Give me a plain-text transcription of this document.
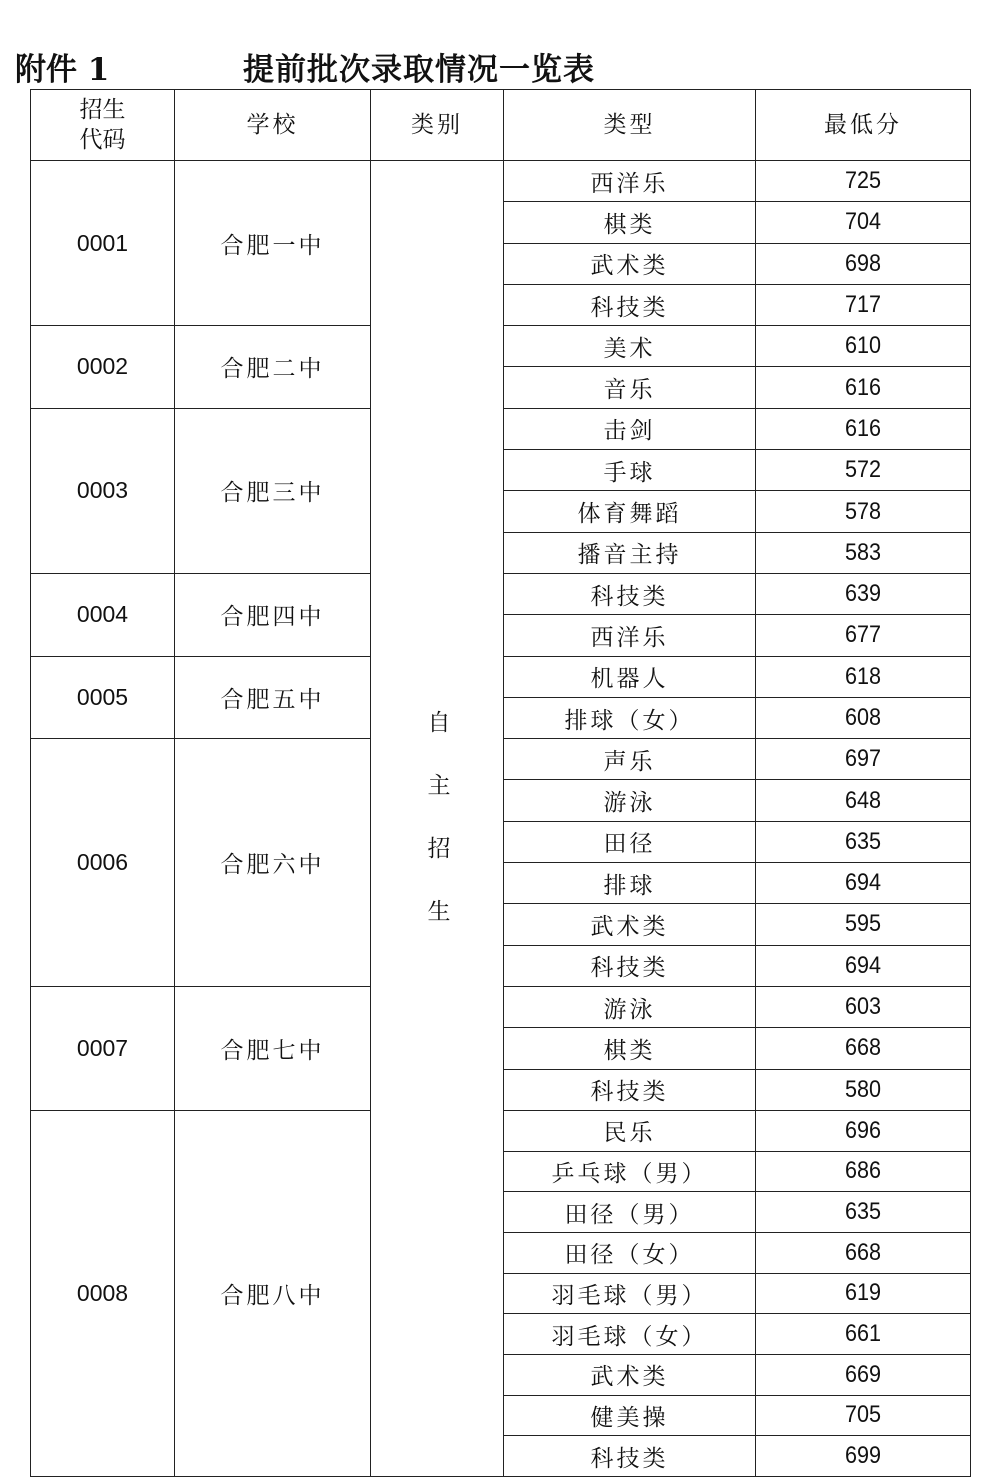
附件 1	提前批次录取情况一览表
招生
代码	学校	类别	类型	最低分
0001	合肥一中	自主招生	西洋乐	725
			棋类	704
			武术类	698
			科技类	717
0002	合肥二中		美术	610
			音乐	616
0003	合肥三中		击剑	616
			手球	572
			体育舞蹈	578
			播音主持	583
0004	合肥四中		科技类	639
			西洋乐	677
0005	合肥五中		机器人	618
			排球（女）	608
0006	合肥六中		声乐	697
			游泳	648
			田径	635
			排球	694
			武术类	595
			科技类	694
0007	合肥七中		游泳	603
			棋类	668
			科技类	580
0008	合肥八中		民乐	696
			乒乓球（男）	686
			田径（男）	635
			田径（女）	668
			羽毛球（男）	619
			羽毛球（女）	661
			武术类	669
			健美操	705
			科技类	699
